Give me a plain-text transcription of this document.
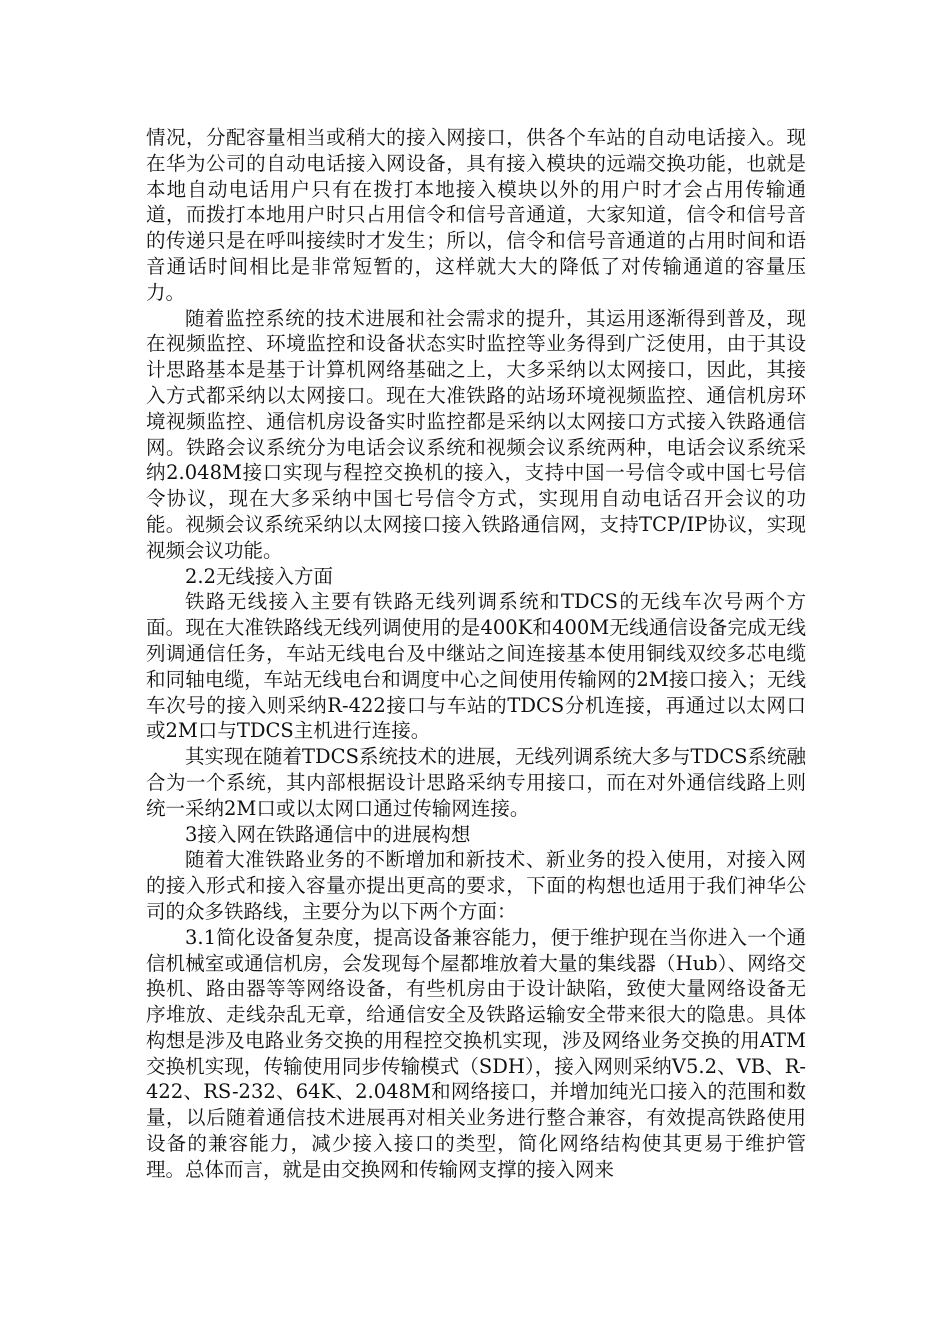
情况，分配容量相当或稍大的接入网接口，供各个车站的自动电话接入。现在华为公司的自动电话接入网设备，具有接入模块的远端交换功能，也就是本地自动电话用户只有在拨打本地接入模块以外的用户时才会占用传输通道，而拨打本地用户时只占用信令和信号音通道，大家知道，信令和信号音的传递只是在呼叫接续时才发生；所以，信令和信号音通道的占用时间和语音通话时间相比是非常短暂的，这样就大大的降低了对传输通道的容量压力。

随着监控系统的技术进展和社会需求的提升，其运用逐渐得到普及，现在视频监控、环境监控和设备状态实时监控等业务得到广泛使用，由于其设计思路基本是基于计算机网络基础之上，大多采纳以太网接口，因此，其接入方式都采纳以太网接口。现在大准铁路的站场环境视频监控、通信机房环境视频监控、通信机房设备实时监控都是采纳以太网接口方式接入铁路通信网。铁路会议系统分为电话会议系统和视频会议系统两种，电话会议系统采纳2.048M接口实现与程控交换机的接入，支持中国一号信令或中国七号信令协议，现在大多采纳中国七号信令方式，实现用自动电话召开会议的功能。视频会议系统采纳以太网接口接入铁路通信网，支持TCP/IP协议，实现视频会议功能。

2.2无线接入方面

铁路无线接入主要有铁路无线列调系统和TDCS的无线车次号两个方面。现在大准铁路线无线列调使用的是400K和400M无线通信设备完成无线列调通信任务，车站无线电台及中继站之间连接基本使用铜线双绞多芯电缆和同轴电缆，车站无线电台和调度中心之间使用传输网的2M接口接入；无线车次号的接入则采纳R-422接口与车站的TDCS分机连接，再通过以太网口或2M口与TDCS主机进行连接。

其实现在随着TDCS系统技术的进展，无线列调系统大多与TDCS系统融合为一个系统，其内部根据设计思路采纳专用接口，而在对外通信线路上则统一采纳2M口或以太网口通过传输网连接。

3接入网在铁路通信中的进展构想

随着大准铁路业务的不断增加和新技术、新业务的投入使用，对接入网的接入形式和接入容量亦提出更高的要求，下面的构想也适用于我们神华公司的众多铁路线，主要分为以下两个方面：

3.1简化设备复杂度，提高设备兼容能力，便于维护现在当你进入一个通信机械室或通信机房，会发现每个屋都堆放着大量的集线器（Hub）、网络交换机、路由器等等网络设备，有些机房由于设计缺陷，致使大量网络设备无序堆放、走线杂乱无章，给通信安全及铁路运输安全带来很大的隐患。具体构想是涉及电路业务交换的用程控交换机实现，涉及网络业务交换的用ATM交换机实现，传输使用同步传输模式（SDH），接入网则采纳V5.2、VB、R-422、RS-232、64K、2.048M和网络接口，并增加纯光口接入的范围和数量，以后随着通信技术进展再对相关业务进行整合兼容，有效提高铁路使用设备的兼容能力，减少接入接口的类型，简化网络结构使其更易于维护管理。总体而言，就是由交换网和传输网支撑的接入网来
